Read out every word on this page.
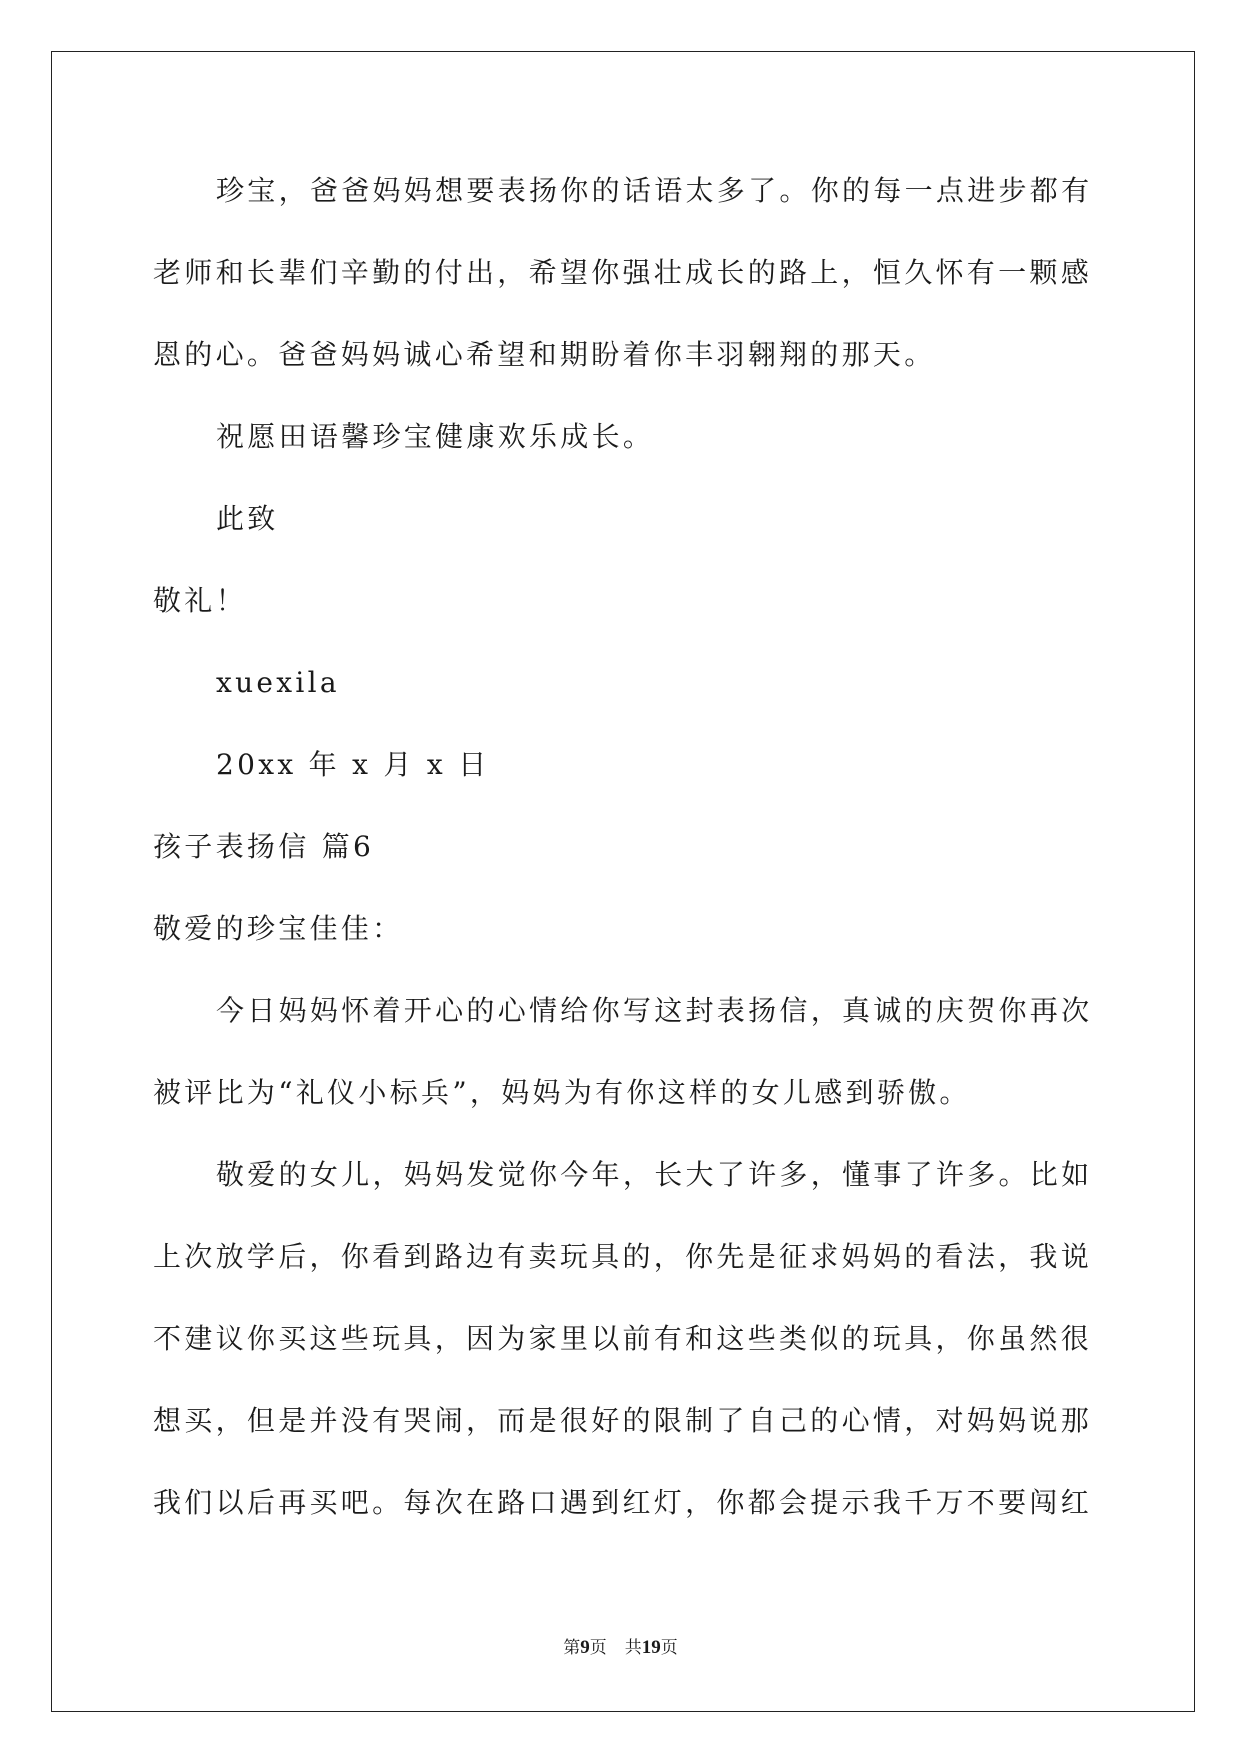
珍宝，爸爸妈妈想要表扬你的话语太多了。你的每一点进步都有
老师和长辈们辛勤的付出，希望你强壮成长的路上，恒久怀有一颗感
恩的心。爸爸妈妈诚心希望和期盼着你丰羽翱翔的那天。
祝愿田语馨珍宝健康欢乐成长。
此致
敬礼！
xuexila
20xx 年 x 月 x 日
孩子表扬信 篇6
敬爱的珍宝佳佳：
今日妈妈怀着开心的心情给你写这封表扬信，真诚的庆贺你再次
被评比为“礼仪小标兵”，妈妈为有你这样的女儿感到骄傲。
敬爱的女儿，妈妈发觉你今年，长大了许多，懂事了许多。比如
上次放学后，你看到路边有卖玩具的，你先是征求妈妈的看法，我说
不建议你买这些玩具，因为家里以前有和这些类似的玩具，你虽然很
想买，但是并没有哭闹，而是很好的限制了自己的心情，对妈妈说那
我们以后再买吧。每次在路口遇到红灯，你都会提示我千万不要闯红
第9页 共19页
